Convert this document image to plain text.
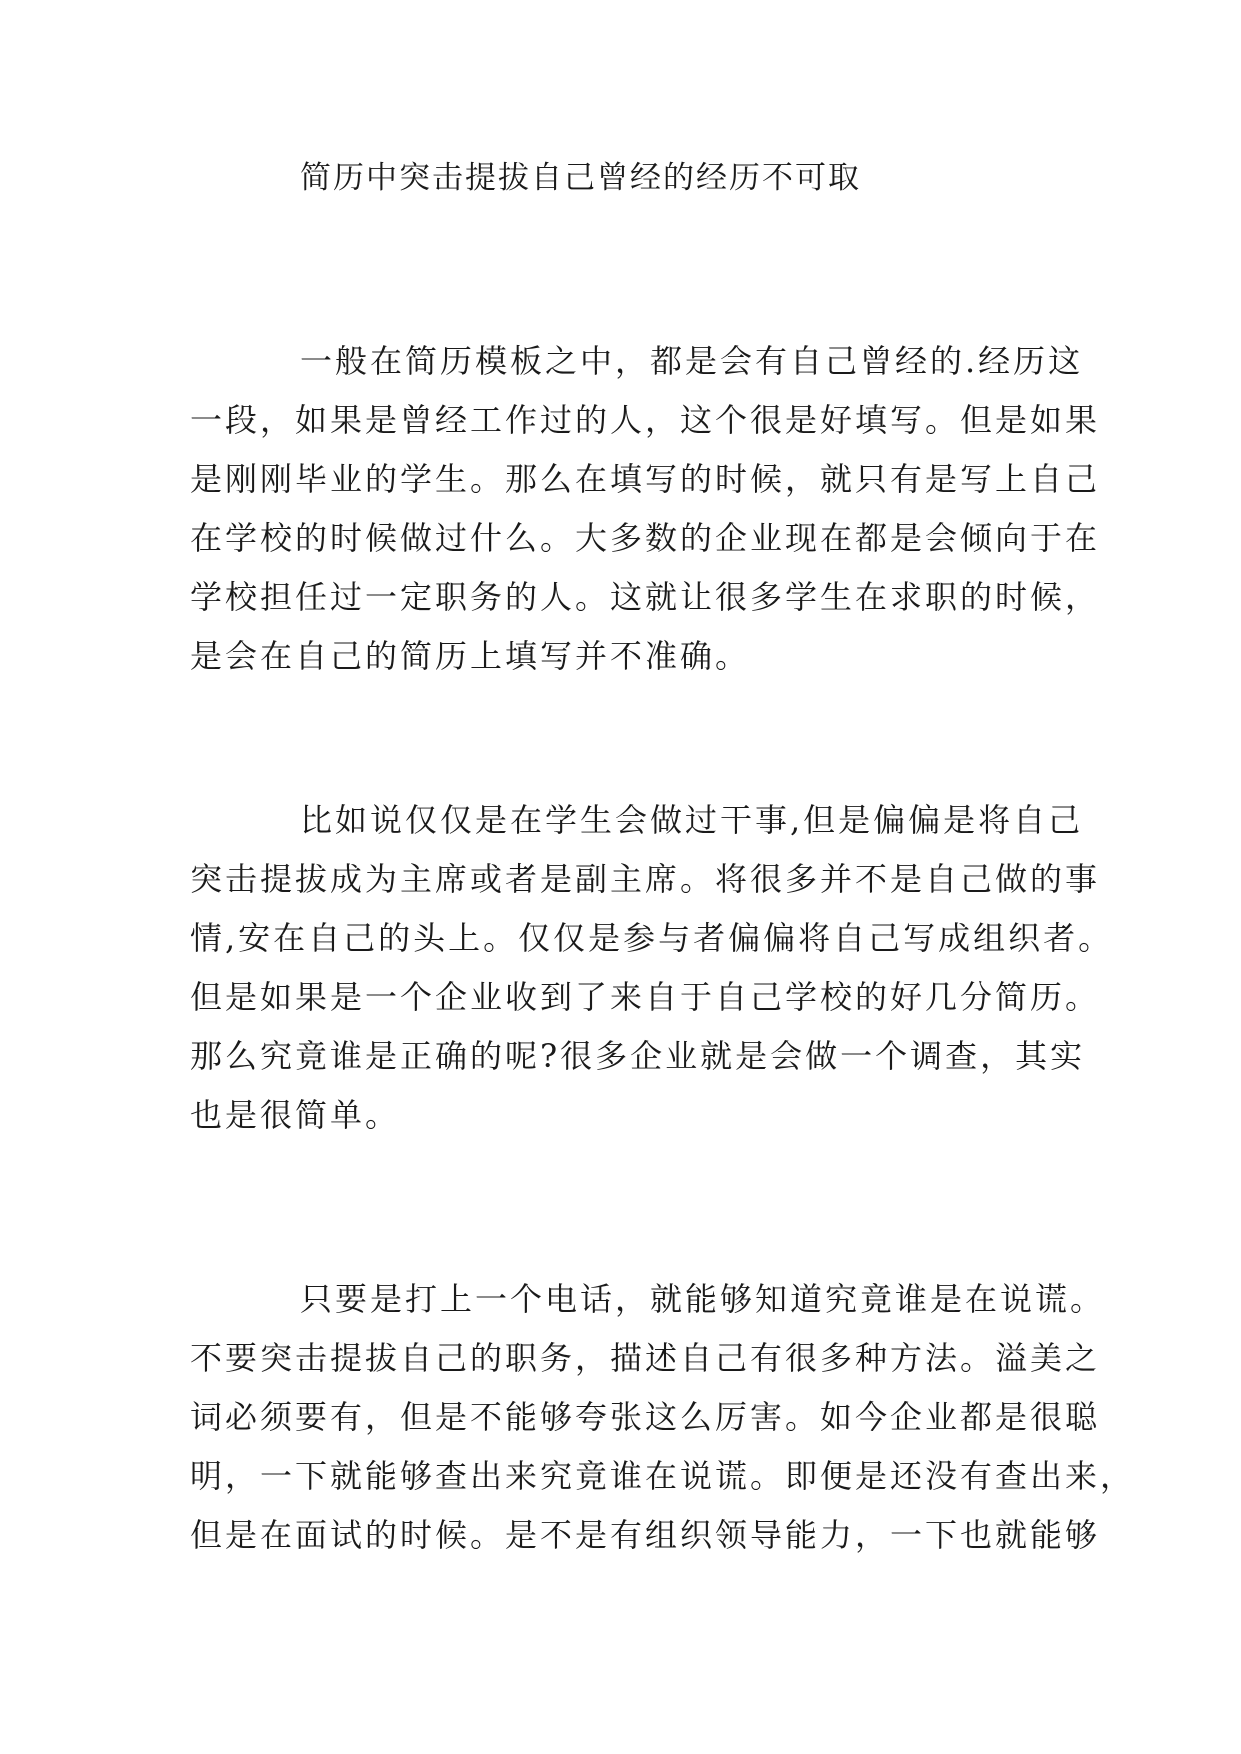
简历中突击提拔自己曾经的经历不可取
一般在简历模板之中，都是会有自己曾经的.经历这
一段，如果是曾经工作过的人，这个很是好填写。但是如果
是刚刚毕业的学生。那么在填写的时候，就只有是写上自己
在学校的时候做过什么。大多数的企业现在都是会倾向于在
学校担任过一定职务的人。这就让很多学生在求职的时候，
是会在自己的简历上填写并不准确。
比如说仅仅是在学生会做过干事,但是偏偏是将自己
突击提拔成为主席或者是副主席。将很多并不是自己做的事
情,安在自己的头上。仅仅是参与者偏偏将自己写成组织者。
但是如果是一个企业收到了来自于自己学校的好几分简历。
那么究竟谁是正确的呢?很多企业就是会做一个调查，其实
也是很简单。
只要是打上一个电话，就能够知道究竟谁是在说谎。
不要突击提拔自己的职务，描述自己有很多种方法。溢美之
词必须要有，但是不能够夸张这么厉害。如今企业都是很聪
明，一下就能够查出来究竟谁在说谎。即便是还没有查出来，
但是在面试的时候。是不是有组织领导能力，一下也就能够
